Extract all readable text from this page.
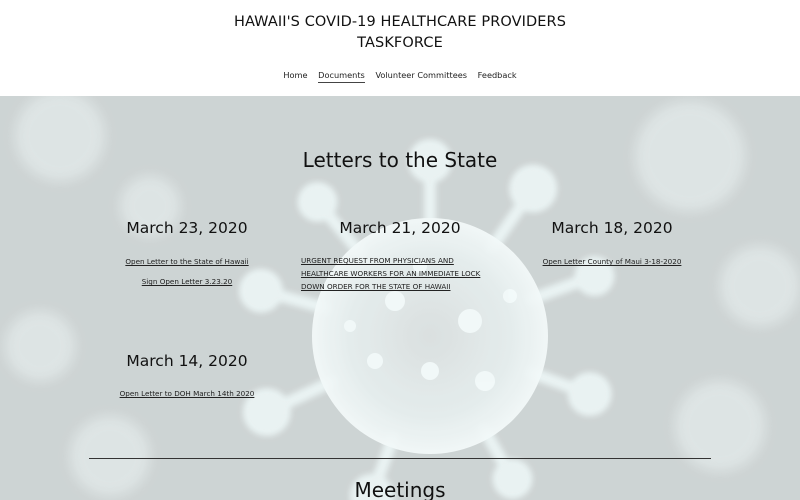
HAWAII'S COVID-19 HEALTHCARE PROVIDERS
TASKFORCE
Home Documents Volunteer Committees Feedback
Letters to the State
March 23, 2020
Open Letter to the State of Hawaii
Sign Open Letter 3.23.20
March 21, 2020
URGENT REQUEST FROM PHYSICIANS AND HEALTHCARE WORKERS FOR AN IMMEDIATE LOCK DOWN ORDER FOR THE STATE OF HAWAII
March 18, 2020
Open Letter County of Maui 3-18-2020
March 14, 2020
Open Letter to DOH March 14th 2020
Meetings
